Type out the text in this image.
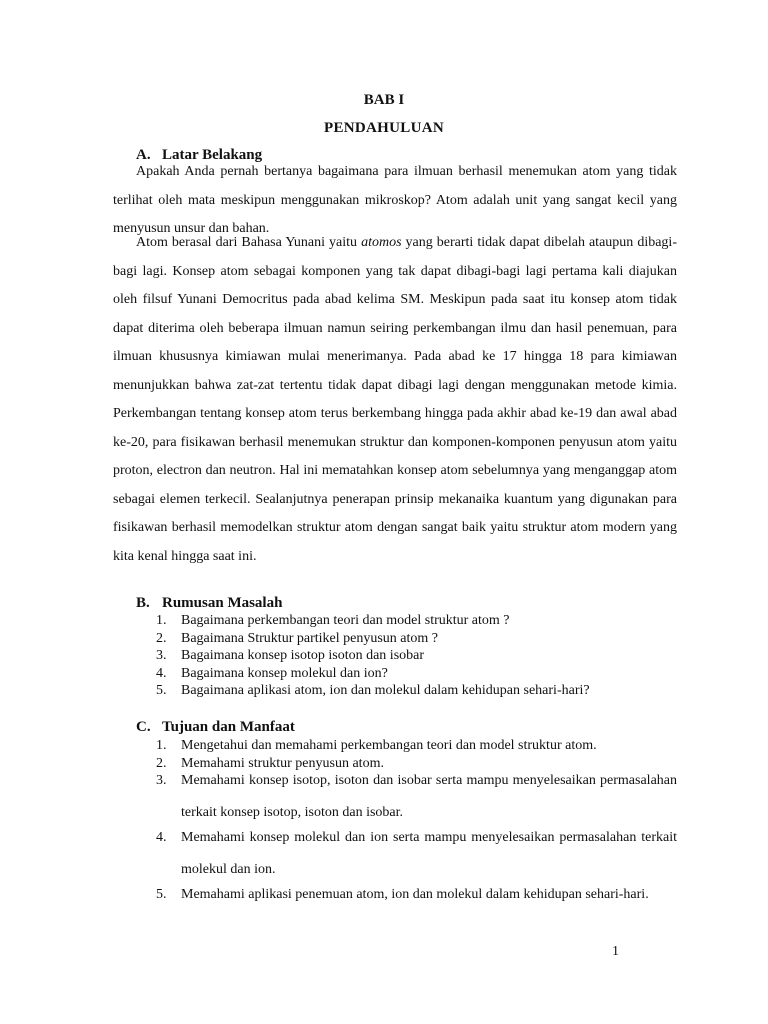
BAB I
PENDAHULUAN
A. Latar Belakang

Apakah Anda pernah bertanya bagaimana para ilmuan berhasil menemukan atom yang tidak terlihat oleh mata meskipun menggunakan mikroskop? Atom adalah unit yang sangat kecil yang menyusun unsur dan bahan.

Atom berasal dari Bahasa Yunani yaitu atomos yang berarti tidak dapat dibelah ataupun dibagi-bagi lagi. Konsep atom sebagai komponen yang tak dapat dibagi-bagi lagi pertama kali diajukan oleh filsuf Yunani Democritus pada abad kelima SM. Meskipun pada saat itu konsep atom tidak dapat diterima oleh beberapa ilmuan namun seiring perkembangan ilmu dan hasil penemuan, para ilmuan khususnya kimiawan mulai menerimanya. Pada abad ke 17 hingga 18 para kimiawan menunjukkan bahwa zat-zat tertentu tidak dapat dibagi lagi dengan menggunakan metode kimia. Perkembangan tentang konsep atom terus berkembang hingga pada akhir abad ke-19 dan awal abad ke-20, para fisikawan berhasil menemukan struktur dan komponen-komponen penyusun atom yaitu proton, electron dan neutron. Hal ini mematahkan konsep atom sebelumnya yang menganggap atom sebagai elemen terkecil. Sealanjutnya penerapan prinsip mekanaika kuantum yang digunakan para fisikawan berhasil memodelkan struktur atom dengan sangat baik yaitu struktur atom modern yang kita kenal hingga saat ini.

B. Rumusan Masalah
1. Bagaimana perkembangan teori dan model struktur atom ?
2. Bagaimana Struktur partikel penyusun atom ?
3. Bagaimana konsep isotop isoton dan isobar
4. Bagaimana konsep molekul dan ion?
5. Bagaimana aplikasi atom, ion dan molekul dalam kehidupan sehari-hari?
C. Tujuan dan Manfaat
1. Mengetahui dan memahami perkembangan teori dan model struktur atom.
2. Memahami struktur penyusun atom.
3. Memahami konsep isotop, isoton dan isobar serta mampu menyelesaikan permasalahan terkait konsep isotop, isoton dan isobar.
4. Memahami konsep molekul dan ion serta mampu menyelesaikan permasalahan terkait molekul dan ion.
5. Memahami aplikasi penemuan atom, ion dan molekul dalam kehidupan sehari-hari.
1
